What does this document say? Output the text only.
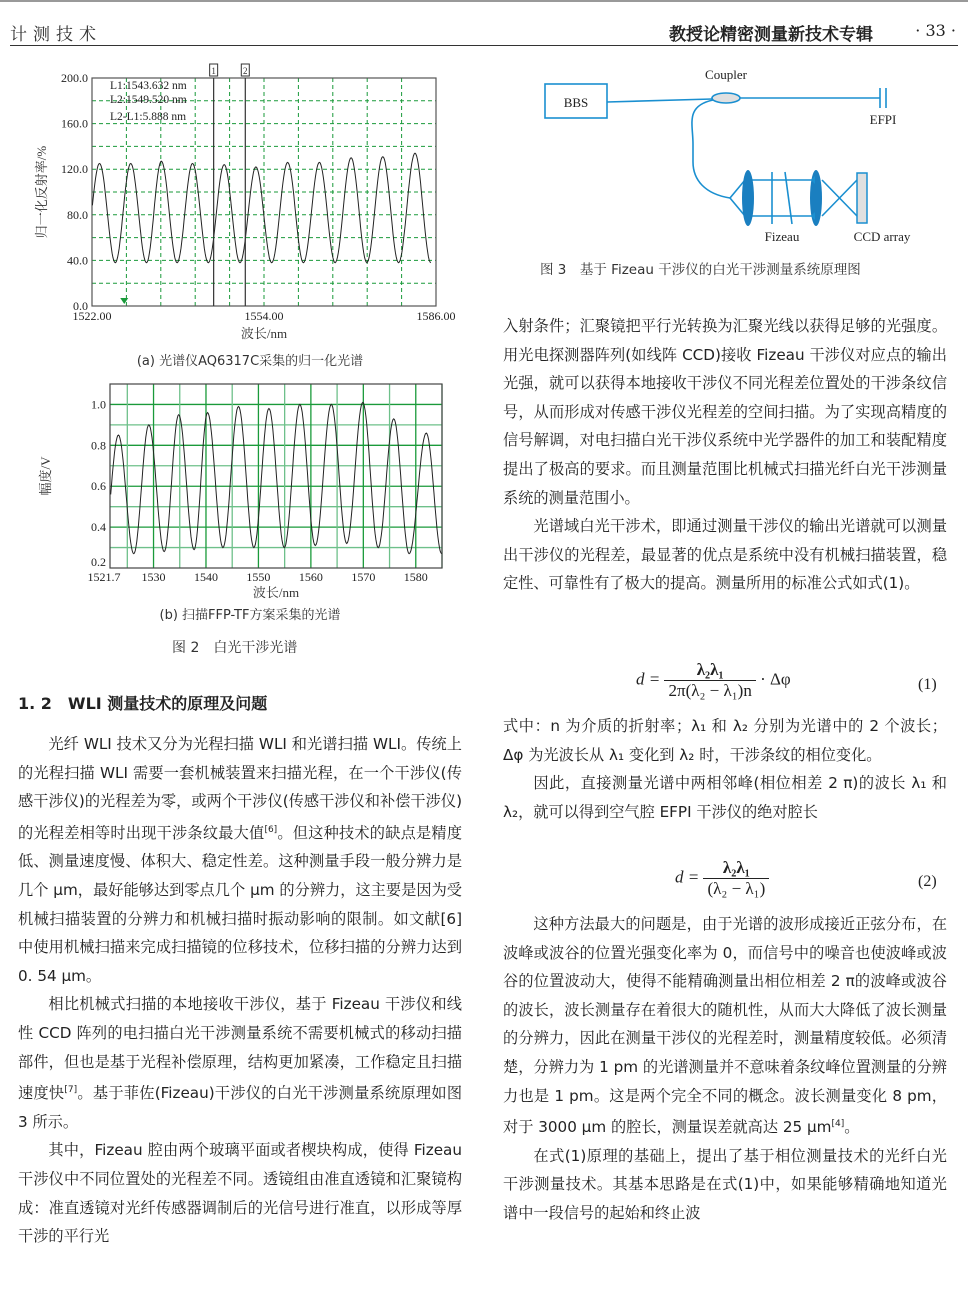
计测技术	教授论精密测量新技术专辑	· 33 ·
1	2
L1:1543.632 nm
L2:1549.520 nm
L2-L1:5.888 nm
0.0
40.0
80.0
120.0
160.0
200.0
1522.00	1554.00	1586.00
波长/nm
归一化反射率/%
(a) 光谱仪AQ6317C采集的归一化光谱
0.2
0.4
0.6
0.8
1.0
1521.7 1530 1540 1550 1560 1570 1580
波长/nm
幅度/V
(b) 扫描FFP-TF方案采集的光谱
图 2　白光干涉光谱
BBS
Coupler
EFPI
Fizeau	CCD array
图 3　基于 Fizeau 干涉仪的白光干涉测量系统原理图
1. 2　WLI 测量技术的原理及问题

光纤 WLI 技术又分为光程扫描 WLI 和光谱扫描 WLI。传统上的光程扫描 WLI 需要一套机械装置来扫描光程，在一个干涉仪(传感干涉仪)的光程差为零，或两个干涉仪(传感干涉仪和补偿干涉仪)的光程差相等时出现干涉条纹最大值[6]。但这种技术的缺点是精度低、测量速度慢、体积大、稳定性差。这种测量手段一般分辨力是几个 μm，最好能够达到零点几个 μm 的分辨力，这主要是因为受机械扫描装置的分辨力和机械扫描时振动影响的限制。如文献[6]中使用机械扫描来完成扫描镜的位移技术，位移扫描的分辨力达到 0. 54 μm。

相比机械式扫描的本地接收干涉仪，基于 Fizeau 干涉仪和线性 CCD 阵列的电扫描白光干涉测量系统不需要机械式的移动扫描部件，但也是基于光程补偿原理，结构更加紧凑，工作稳定且扫描速度快[7]。基于菲佐(Fizeau)干涉仪的白光干涉测量系统原理如图 3 所示。

其中，Fizeau 腔由两个玻璃平面或者楔块构成，使得 Fizeau 干涉仪中不同位置处的光程差不同。透镜组由准直透镜和汇聚镜构成：准直透镜对光纤传感器调制后的光信号进行准直，以形成等厚干涉的平行光

入射条件；汇聚镜把平行光转换为汇聚光线以获得足够的光强度。用光电探测器阵列(如线阵 CCD)接收 Fizeau 干涉仪对应点的输出光强，就可以获得本地接收干涉仪不同光程差位置处的干涉条纹信号，从而形成对传感干涉仪光程差的空间扫描。为了实现高精度的信号解调，对电扫描白光干涉仪系统中光学器件的加工和装配精度提出了极高的要求。而且测量范围比机械式扫描光纤白光干涉测量系统的测量范围小。

光谱域白光干涉术，即通过测量干涉仪的输出光谱就可以测量出干涉仪的光程差，最显著的优点是系统中没有机械扫描装置，稳定性、可靠性有了极大的提高。测量所用的标准公式如式(1)。

$d = \frac{\text{λ₂λ₁}}{\text{2π(λ₂ − λ₁)n}} \cdot \Delta\varphi$	(1)

式中：n 为介质的折射率；λ₁ 和 λ₂ 分别为光谱中的 2 个波长；Δφ 为光波长从 λ₁ 变化到 λ₂ 时，干涉条纹的相位变化。

因此，直接测量光谱中两相邻峰(相位相差 2 π)的波长 λ₁ 和 λ₂，就可以得到空气腔 EFPI 干涉仪的绝对腔长

$d = \frac{\text{λ₂λ₁}}{\text{(λ₂ − λ₁)}}$	(2)

这种方法最大的问题是，由于光谱的波形成接近正弦分布，在波峰或波谷的位置光强变化率为 0，而信号中的噪音也使波峰或波谷的位置波动大，使得不能精确测量出相位相差 2 π的波峰或波谷的波长，波长测量存在着很大的随机性，从而大大降低了波长测量的分辨力，因此在测量干涉仪的光程差时，测量精度较低。必须清楚，分辨力为 1 pm 的光谱测量并不意味着条纹峰位置测量的分辨力也是 1 pm。这是两个完全不同的概念。波长测量变化 8 pm，对于 3000 μm 的腔长，测量误差就高达 25 μm[4]。

在式(1)原理的基础上，提出了基于相位测量技术的光纤白光干涉测量技术。其基本思路是在式(1)中，如果能够精确地知道光谱中一段信号的起始和终止波
